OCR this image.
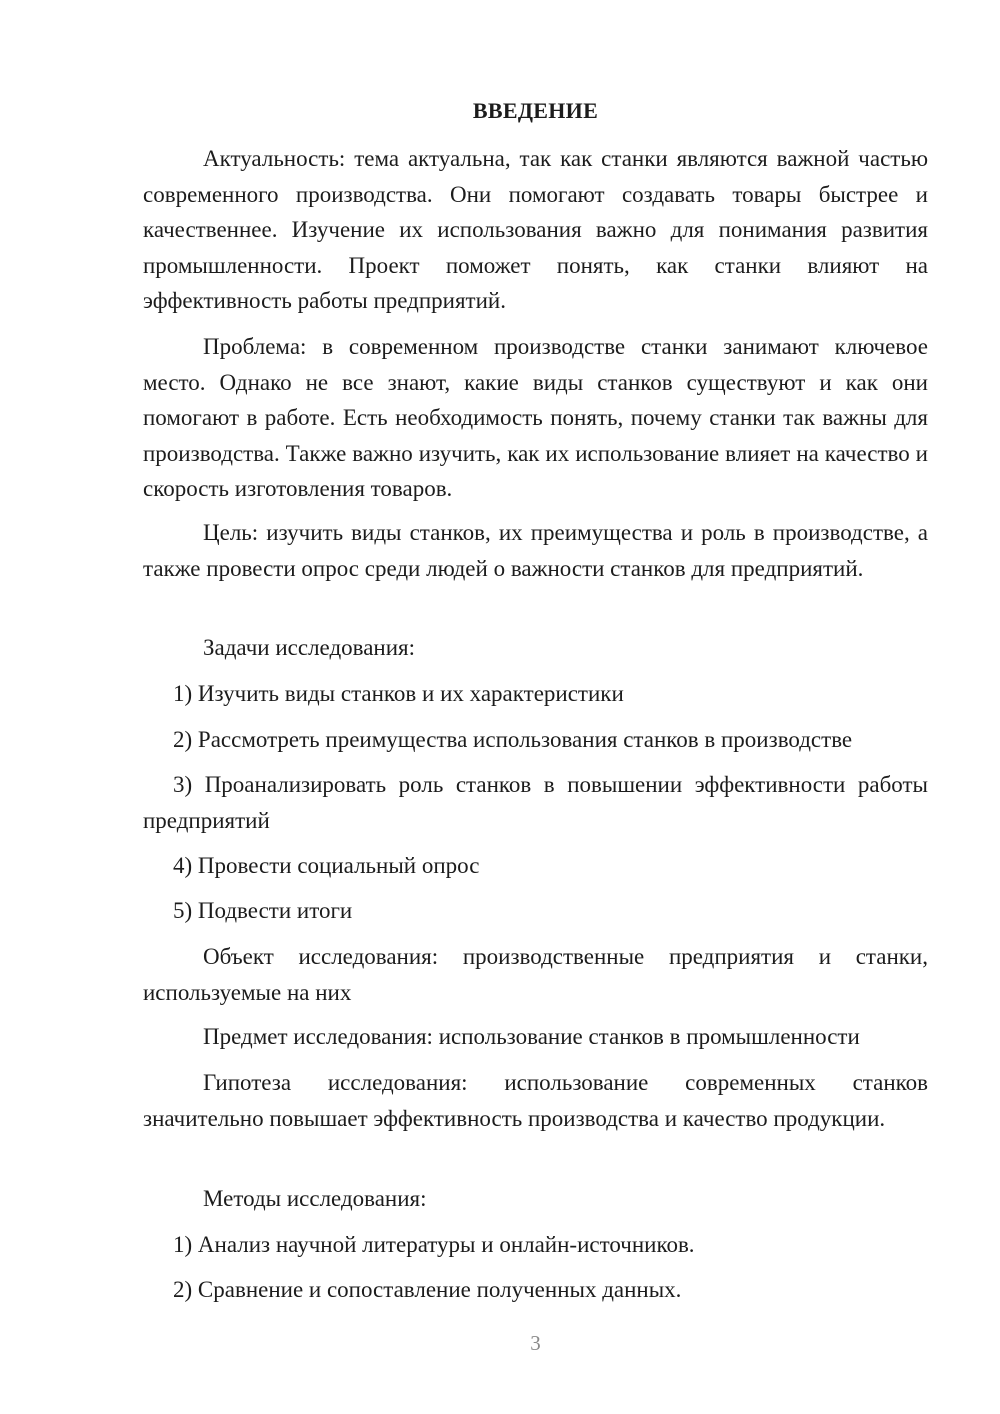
ВВЕДЕНИЕ

Актуальность: тема актуальна, так как станки являются важной частью современного производства. Они помогают создавать товары быстрее и качественнее. Изучение их использования важно для понимания развития промышленности. Проект поможет понять, как станки влияют на эффективность работы предприятий.

Проблема: в современном производстве станки занимают ключевое место. Однако не все знают, какие виды станков существуют и как они помогают в работе. Есть необходимость понять, почему станки так важны для производства. Также важно изучить, как их использование влияет на качество и скорость изготовления товаров.

Цель: изучить виды станков, их преимущества и роль в производстве, а также провести опрос среди людей о важности станков для предприятий.

Задачи исследования:

1) Изучить виды станков и их характеристики

2) Рассмотреть преимущества использования станков в производстве

3) Проанализировать роль станков в повышении эффективности работы предприятий

4) Провести социальный опрос

5) Подвести итоги

Объект исследования: производственные предприятия и станки, используемые на них

Предмет исследования: использование станков в промышленности

Гипотеза исследования: использование современных станков значительно повышает эффективность производства и качество продукции.

Методы исследования:

1) Анализ научной литературы и онлайн-источников.

2) Сравнение и сопоставление полученных данных.

3
